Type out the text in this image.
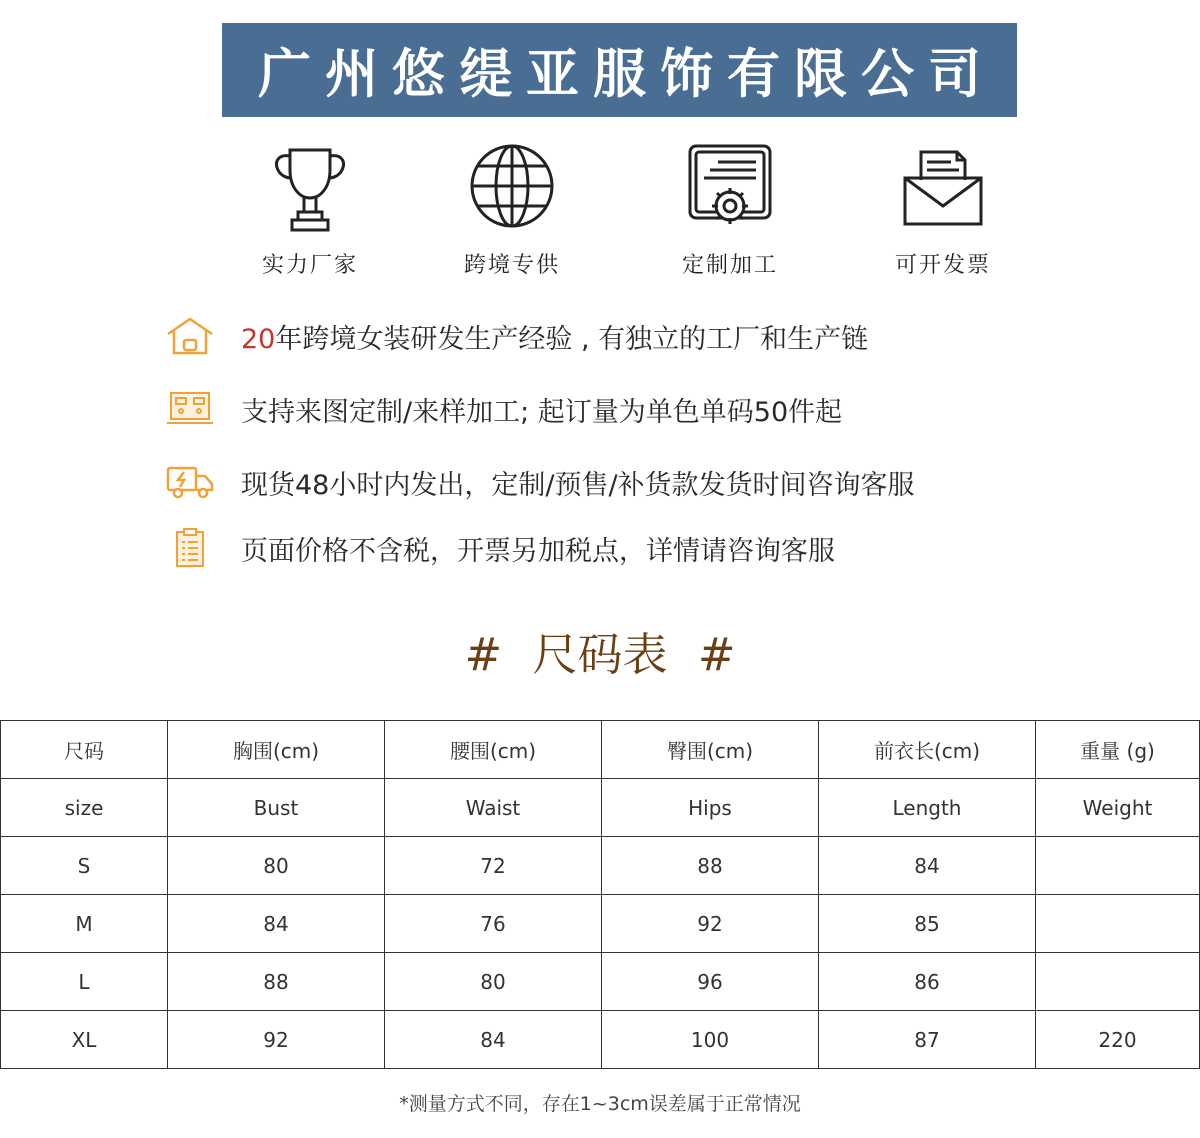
广州悠缇亚服饰有限公司
实力厂家	跨境专供	定制加工	可开发票
20年跨境女装研发生产经验 , 有独立的工厂和生产链
支持来图定制/来样加工; 起订量为单色单码50件起
现货48小时内发出，定制/预售/补货款发货时间咨询客服
页面价格不含税，开票另加税点，详情请咨询客服
# 尺码表 #
尺码	胸围(cm)	腰围(cm)	臀围(cm)	前衣长(cm)	重量 (g)
size	Bust	Waist	Hips	Length	Weight
S	80	72	88	84	
M	84	76	92	85	
L	88	80	96	86	
XL	92	84	100	87	220
*测量方式不同，存在1~3cm误差属于正常情况
